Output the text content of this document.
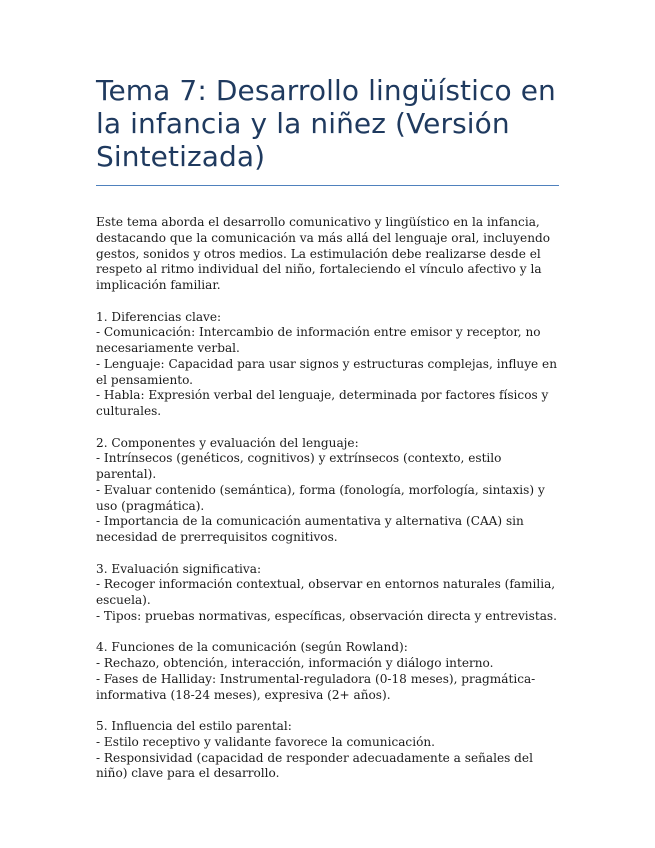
Tema 7: Desarrollo lingüístico en la infancia y la niñez (Versión Sintetizada)

Este tema aborda el desarrollo comunicativo y lingüístico en la infancia, destacando que la comunicación va más allá del lenguaje oral, incluyendo gestos, sonidos y otros medios. La estimulación debe realizarse desde el respeto al ritmo individual del niño, fortaleciendo el vínculo afectivo y la implicación familiar.

1. Diferencias clave:
- Comunicación: Intercambio de información entre emisor y receptor, no necesariamente verbal.
- Lenguaje: Capacidad para usar signos y estructuras complejas, influye en el pensamiento.
- Habla: Expresión verbal del lenguaje, determinada por factores físicos y culturales.
2. Componentes y evaluación del lenguaje:
- Intrínsecos (genéticos, cognitivos) y extrínsecos (contexto, estilo parental).
- Evaluar contenido (semántica), forma (fonología, morfología, sintaxis) y uso (pragmática).
- Importancia de la comunicación aumentativa y alternativa (CAA) sin necesidad de prerrequisitos cognitivos.
3. Evaluación significativa:
- Recoger información contextual, observar en entornos naturales (familia, escuela).
- Tipos: pruebas normativas, específicas, observación directa y entrevistas.
4. Funciones de la comunicación (según Rowland):
- Rechazo, obtención, interacción, información y diálogo interno.
- Fases de Halliday: Instrumental-reguladora (0-18 meses), pragmática-informativa (18-24 meses), expresiva (2+ años).
5. Influencia del estilo parental:
- Estilo receptivo y validante favorece la comunicación.
- Responsividad (capacidad de responder adecuadamente a señales del niño) clave para el desarrollo.
